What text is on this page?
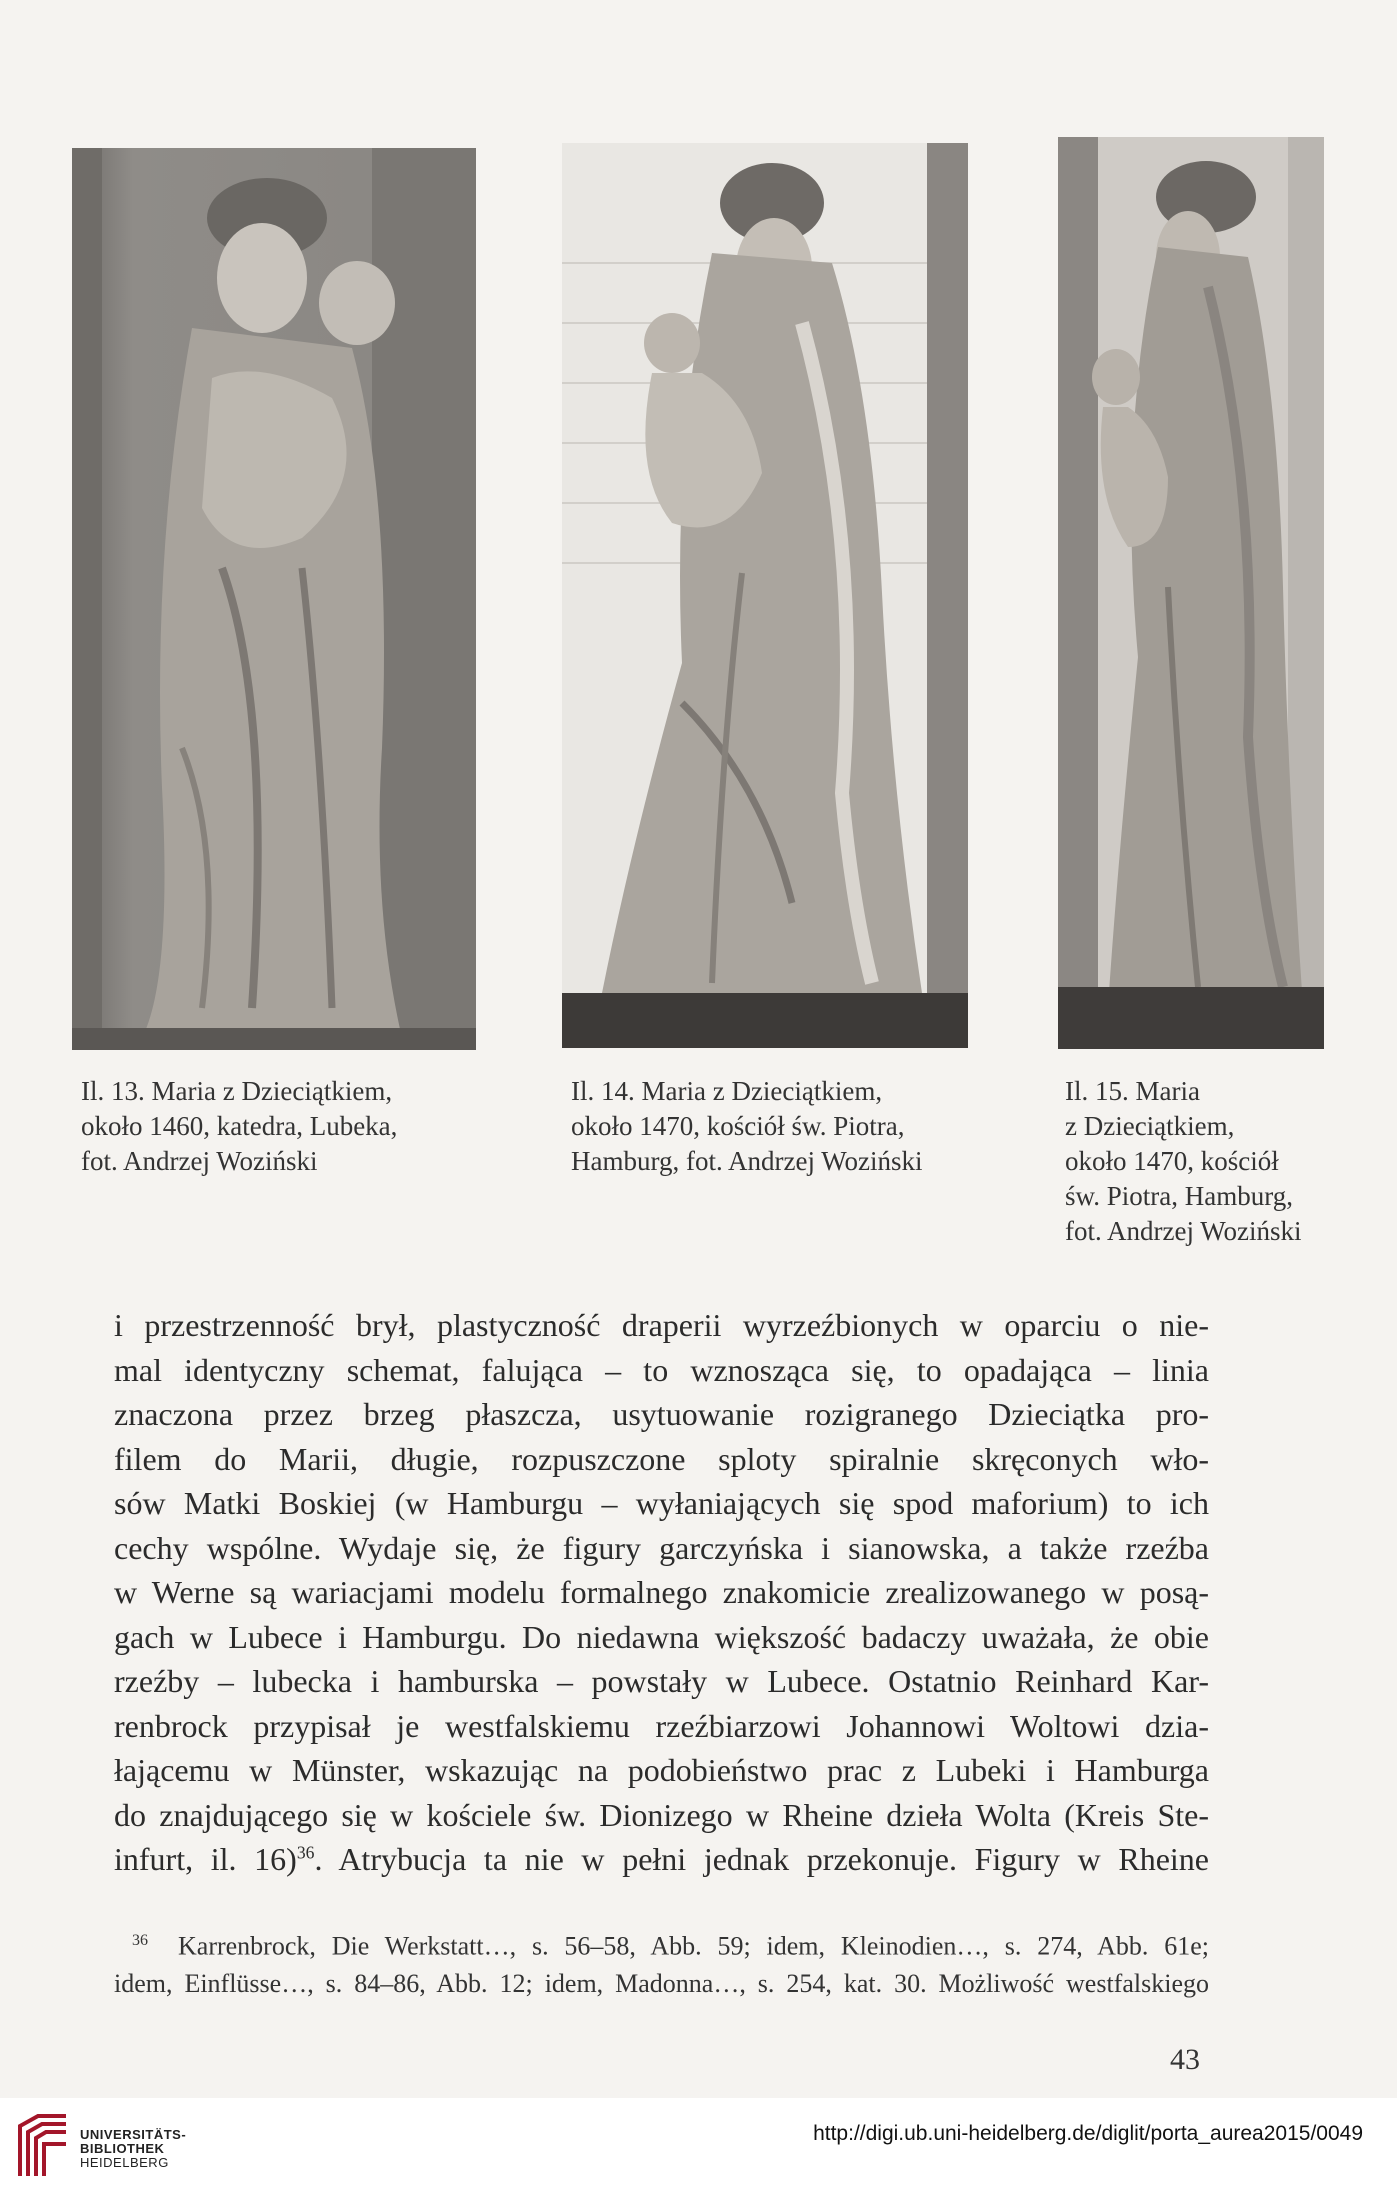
Il. 13. Maria z Dzieciątkiem,
około 1460, katedra, Lubeka,
fot. Andrzej Woziński
Il. 14. Maria z Dzieciątkiem,
około 1470, kościół św. Piotra,
Hamburg, fot. Andrzej Woziński
Il. 15. Maria
z Dzieciątkiem,
około 1470, kościół
św. Piotra, Hamburg,
fot. Andrzej Woziński
i przestrzenność brył, plastyczność draperii wyrzeźbionych w oparciu o nie-
mal identyczny schemat, falująca – to wznosząca się, to opadająca – linia
znaczona przez brzeg płaszcza, usytuowanie rozigranego Dzieciątka pro-
filem do Marii, długie, rozpuszczone sploty spiralnie skręconych wło-
sów Matki Boskiej (w Hamburgu – wyłaniających się spod maforium) to ich
cechy wspólne. Wydaje się, że figury garczyńska i sianowska, a także rzeźba
w Werne są wariacjami modelu formalnego znakomicie zrealizowanego w posą-
gach w Lubece i Hamburgu. Do niedawna większość badaczy uważała, że obie
rzeźby – lubecka i hamburska – powstały w Lubece. Ostatnio Reinhard Kar-
renbrock przypisał je westfalskiemu rzeźbiarzowi Johannowi Woltowi dzia-
łającemu w Münster, wskazując na podobieństwo prac z Lubeki i Hamburga
do znajdującego się w kościele św. Dionizego w Rheine dzieła Wolta (Kreis Ste-
infurt, il. 16)$^{36}$. Atrybucja ta nie w pełni jednak przekonuje. Figury w Rheine
$^{36}$ Karrenbrock, Die Werkstatt…, s. 56–58, Abb. 59; idem, Kleinodien…, s. 274, Abb. 61e;
idem, Einflüsse…, s. 84–86, Abb. 12; idem, Madonna…, s. 254, kat. 30. Możliwość westfalskiego
43
UNIVERSITÄTS-
BIBLIOTHEK
HEIDELBERG
http://digi.ub.uni-heidelberg.de/diglit/porta_aurea2015/0049
